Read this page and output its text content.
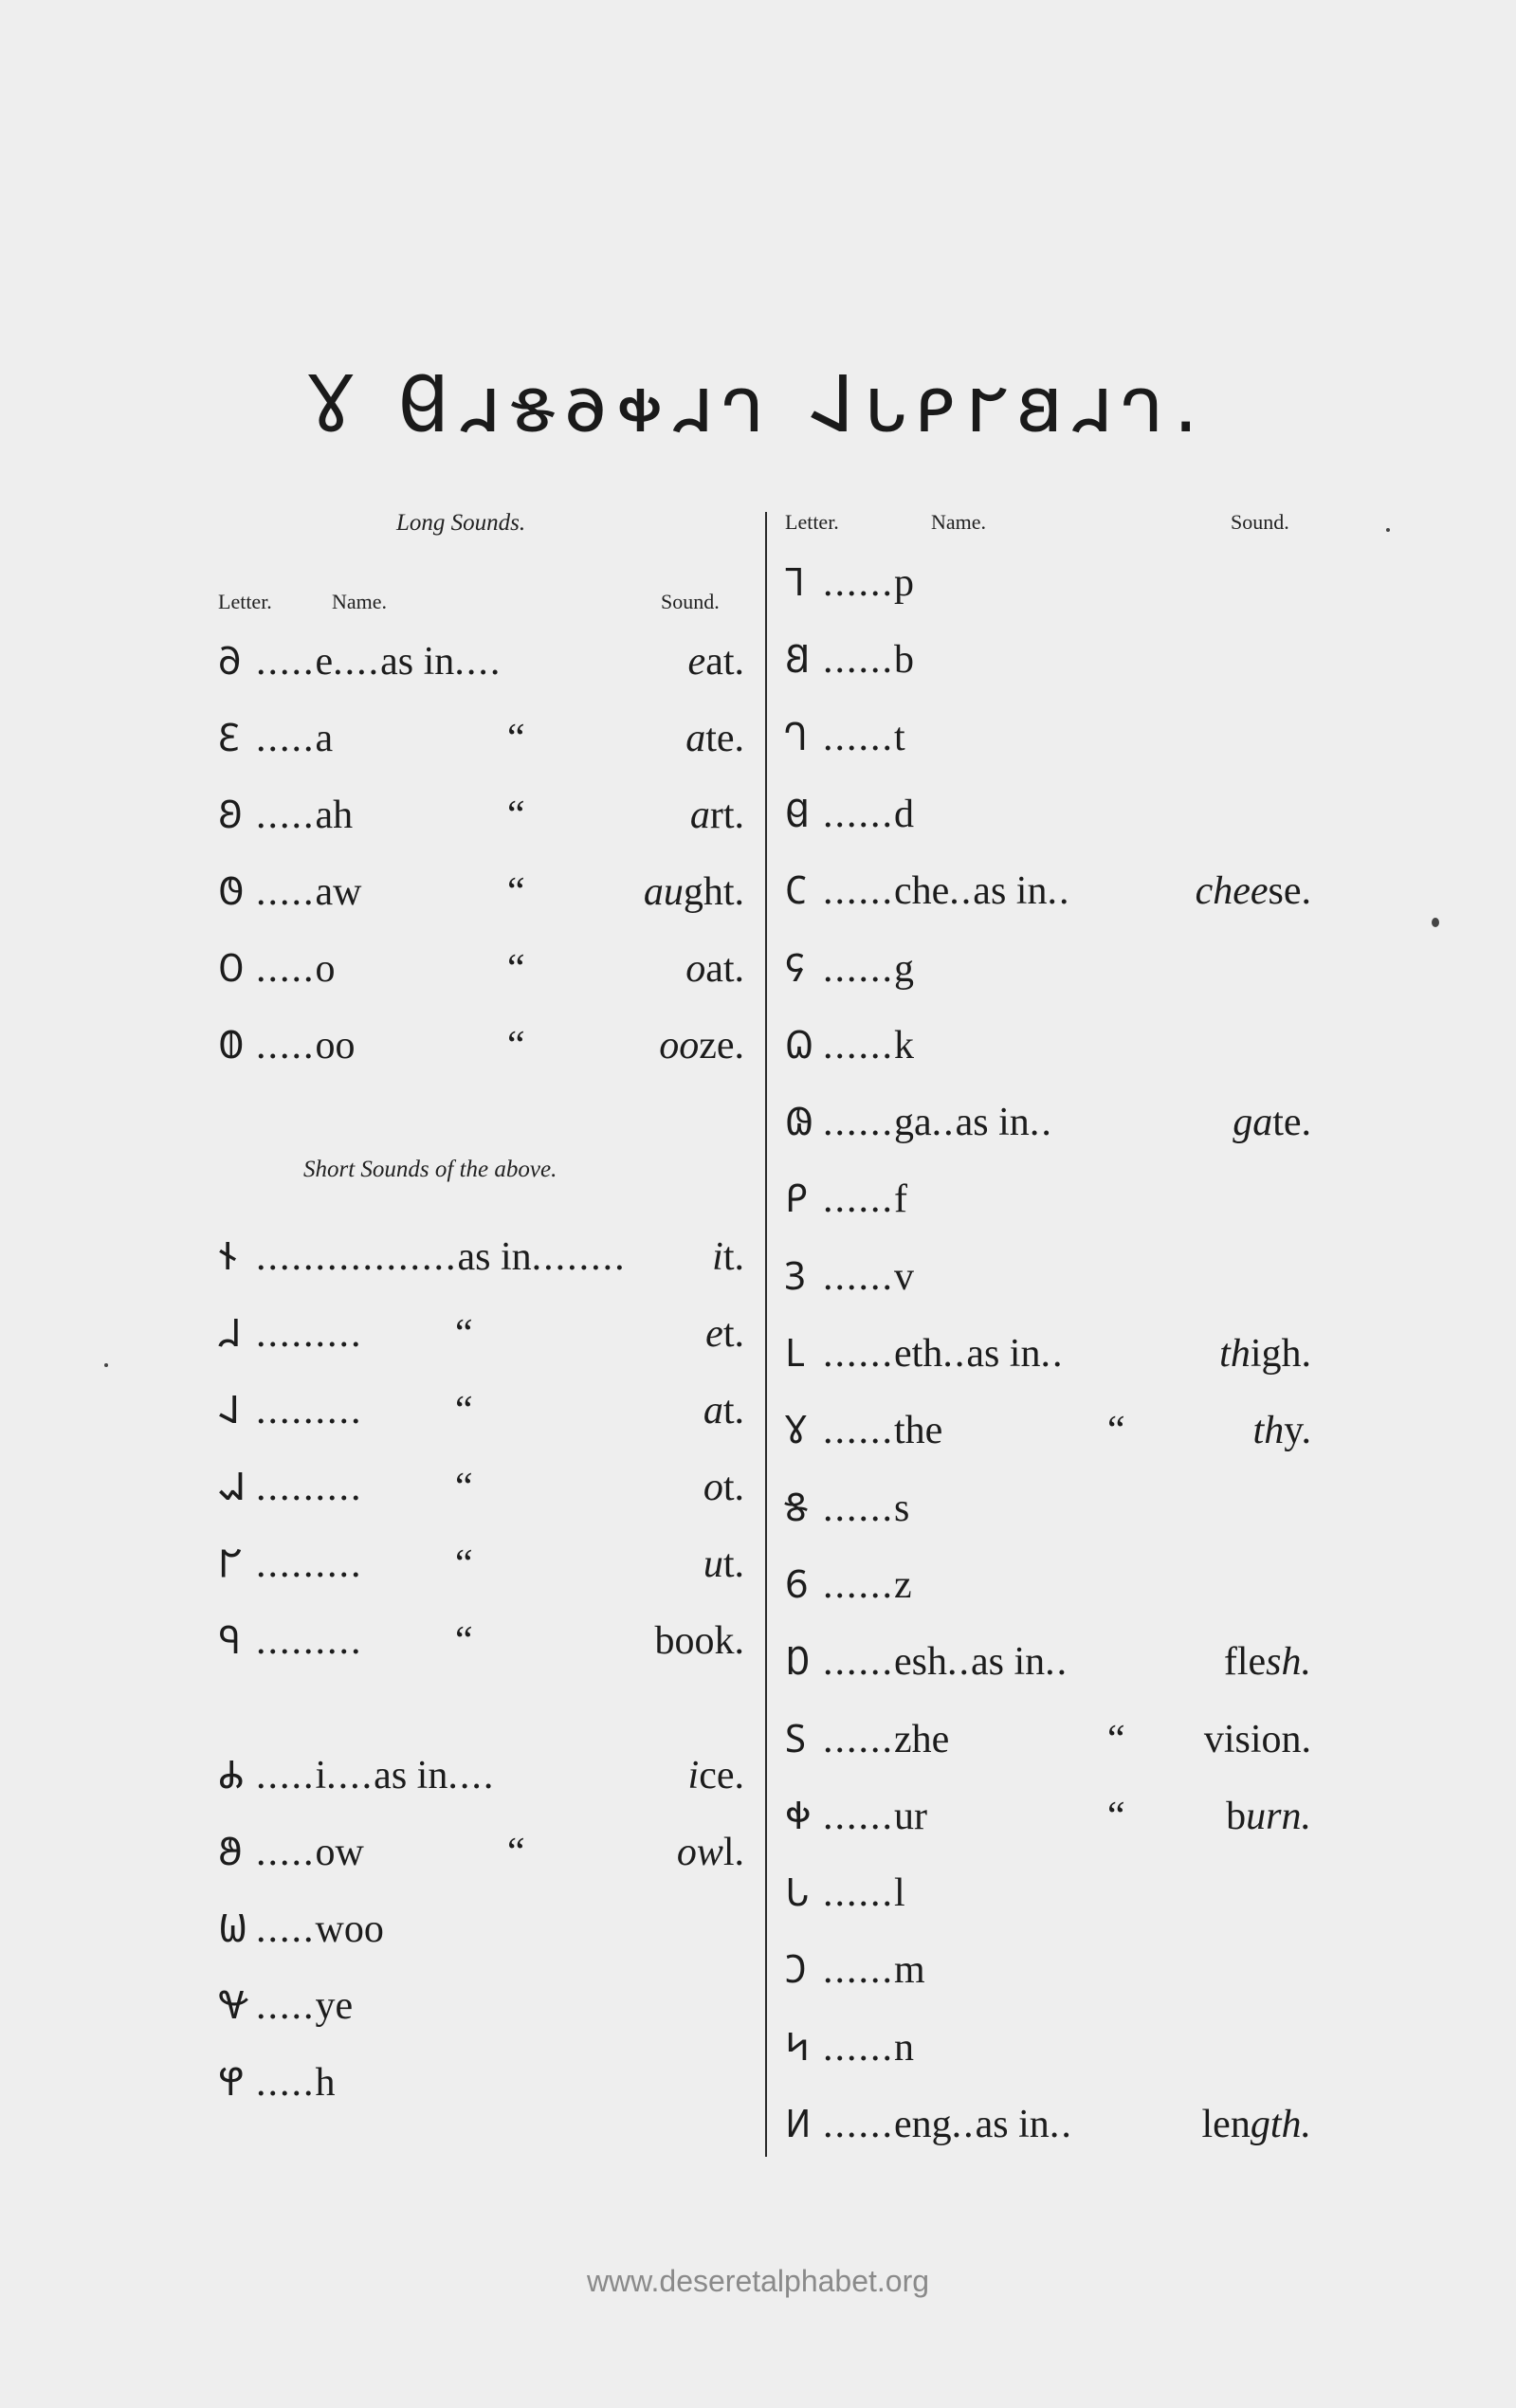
𐐜 𐐔𐐯𐑅𐐨𐑉𐐯𐐻 𐐈𐑊𐑁𐐲𐐺𐐯𐐻.
Long Sounds.
Letter.	Name.	Sound.
Short Sounds of the above.
𐐀 .....e....as in....	eat.
𐐁 .....a	“	ate.
𐐂 .....ah	“	art.
𐐃 .....aw	“	aught.
𐐄 .....o	“	oat.
𐐅 .....oo	“	ooze.
𐐆 .................as in........ it.
𐐇 ......... “	et.
𐐈 ......... “	at.
𐐉 ......... “	ot.
𐐊 ......... “	ut.
𐐋 ......... “	book.
𐐌 .....i....as in....	ice.
𐐍 .....ow	“	owl.
𐐎 .....woo
𐐏 .....ye
𐐐 .....h
Letter.	Name.	Sound.
𐐑 ......p
𐐒 ......b
𐐓 ......t
𐐔 ......d
𐐕 ......che..as in..	cheese.
𐐖 ......g
𐐗 ......k
𐐘 ......ga..as in..	gate.
𐐙 ......f
𐐚 ......v
𐐛 ......eth..as in..	thigh.
𐐜 ......the	“	thy.
𐐝 ......s
𐐞 ......z
𐐟 ......esh..as in..	flesh.
𐐠 ......zhe	“ vision.
𐐡 ......ur	“	burn.
𐐢 ......l
𐐣 ......m
𐐤 ......n
𐐥 ......eng..as in..	length.
www.deseretalphabet.org
